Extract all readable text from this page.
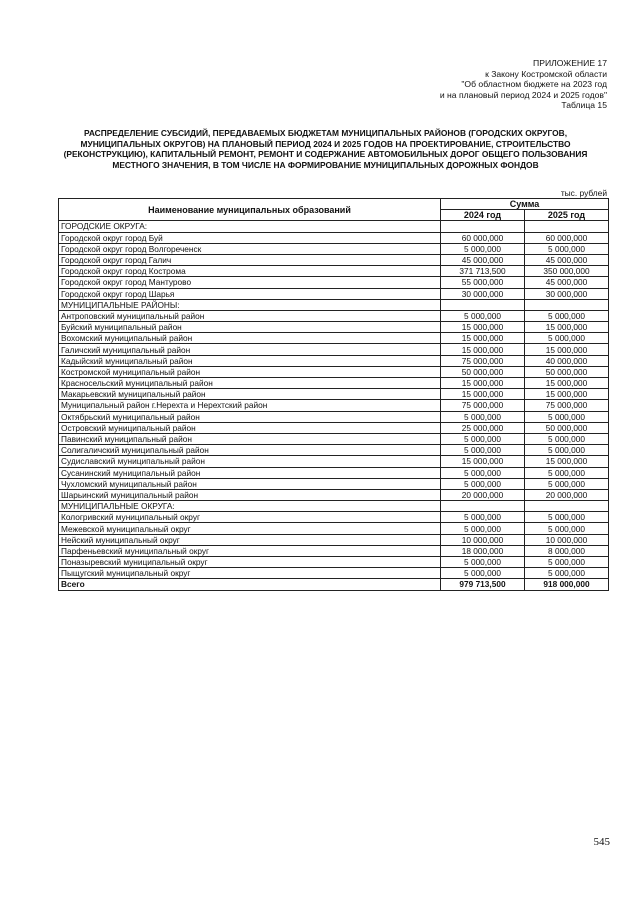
ПРИЛОЖЕНИЕ 17
к Закону Костромской области
"Об областном бюджете на 2023 год
и на плановый период 2024 и 2025 годов"
Таблица 15
РАСПРЕДЕЛЕНИЕ СУБСИДИЙ, ПЕРЕДАВАЕМЫХ БЮДЖЕТАМ МУНИЦИПАЛЬНЫХ РАЙОНОВ (ГОРОДСКИХ ОКРУГОВ, МУНИЦИПАЛЬНЫХ ОКРУГОВ) НА ПЛАНОВЫЙ ПЕРИОД 2024 И 2025 ГОДОВ НА ПРОЕКТИРОВАНИЕ, СТРОИТЕЛЬСТВО (РЕКОНСТРУКЦИЮ), КАПИТАЛЬНЫЙ РЕМОНТ, РЕМОНТ И СОДЕРЖАНИЕ АВТОМОБИЛЬНЫХ ДОРОГ ОБЩЕГО ПОЛЬЗОВАНИЯ МЕСТНОГО ЗНАЧЕНИЯ, В ТОМ ЧИСЛЕ НА ФОРМИРОВАНИЕ МУНИЦИПАЛЬНЫХ ДОРОЖНЫХ ФОНДОВ
тыс. рублей
Наименование муниципальных образований	Сумма	
	2024 год	2025 год
ГОРОДСКИЕ ОКРУГА:		
Городской округ город Буй	60 000,000	60 000,000
Городской округ город Волгореченск	5 000,000	5 000,000
Городской округ город Галич	45 000,000	45 000,000
Городской округ город Кострома	371 713,500	350 000,000
Городской округ город Мантурово	55 000,000	45 000,000
Городской округ город Шарья	30 000,000	30 000,000
МУНИЦИПАЛЬНЫЕ РАЙОНЫ:		
Антроповский муниципальный район	5 000,000	5 000,000
Буйский муниципальный район	15 000,000	15 000,000
Вохомский муниципальный район	15 000,000	5 000,000
Галичский муниципальный район	15 000,000	15 000,000
Кадыйский муниципальный район	75 000,000	40 000,000
Костромской муниципальный район	50 000,000	50 000,000
Красносельский муниципальный район	15 000,000	15 000,000
Макарьевский муниципальный район	15 000,000	15 000,000
Муниципальный район г.Нерехта и Нерехтский район	75 000,000	75 000,000
Октябрьский муниципальный район	5 000,000	5 000,000
Островский муниципальный район	25 000,000	50 000,000
Павинский муниципальный район	5 000,000	5 000,000
Солигаличский муниципальный район	5 000,000	5 000,000
Судиславский муниципальный район	15 000,000	15 000,000
Сусанинский муниципальный район	5 000,000	5 000,000
Чухломский муниципальный район	5 000,000	5 000,000
Шарьинский муниципальный район	20 000,000	20 000,000
МУНИЦИПАЛЬНЫЕ ОКРУГА:		
Кологривский муниципальный округ	5 000,000	5 000,000
Межевской муниципальный округ	5 000,000	5 000,000
Нейский муниципальный округ	10 000,000	10 000,000
Парфеньевский муниципальный округ	18 000,000	8 000,000
Поназыревский муниципальный округ	5 000,000	5 000,000
Пыщугский муниципальный округ	5 000,000	5 000,000
Всего	979 713,500	918 000,000
545
